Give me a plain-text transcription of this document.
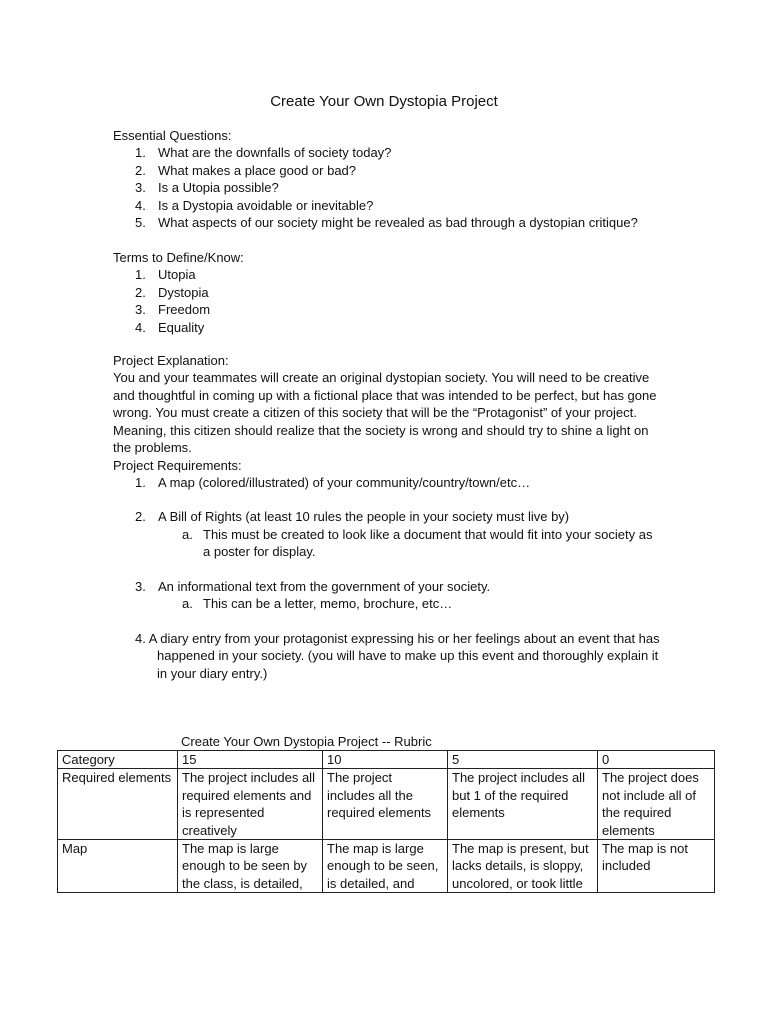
Create Your Own Dystopia Project

Essential Questions:

1. What are the downfalls of society today?
2. What makes a place good or bad?
3. Is a Utopia possible?
4. Is a Dystopia avoidable or inevitable?
5. What aspects of our society might be revealed as bad through a dystopian critique?

Terms to Define/Know:

1. Utopia
2. Dystopia
3. Freedom
4. Equality

Project Explanation:

You and your teammates will create an original dystopian society. You will need to be creative and thoughtful in coming up with a fictional place that was intended to be perfect, but has gone wrong. You must create a citizen of this society that will be the “Protagonist” of your project. Meaning, this citizen should realize that the society is wrong and should try to shine a light on the problems.

Project Requirements:

1. A map (colored/illustrated) of your community/country/town/etc…
2. A Bill of Rights (at least 10 rules the people in your society must live by)
a. This must be created to look like a document that would fit into your society as a poster for display.
3. An informational text from the government of your society.
a. This can be a letter, memo, brochure, etc…
4. A diary entry from your protagonist expressing his or her feelings about an event that has
happened in your society. (you will have to make up this event and thoroughly explain it in your diary entry.)
Create Your Own Dystopia Project -- Rubric
Category	15	10	5	0
Required elements	The project includes all required elements and is represented creatively	The project includes all the required elements	The project includes all but 1 of the required elements	The project does not include all of the required elements

Map	The map is large enough to be seen by the class, is detailed,	The map is large enough to be seen, is detailed, and	The map is present, but lacks details, is sloppy, uncolored, or took little	The map is not included
